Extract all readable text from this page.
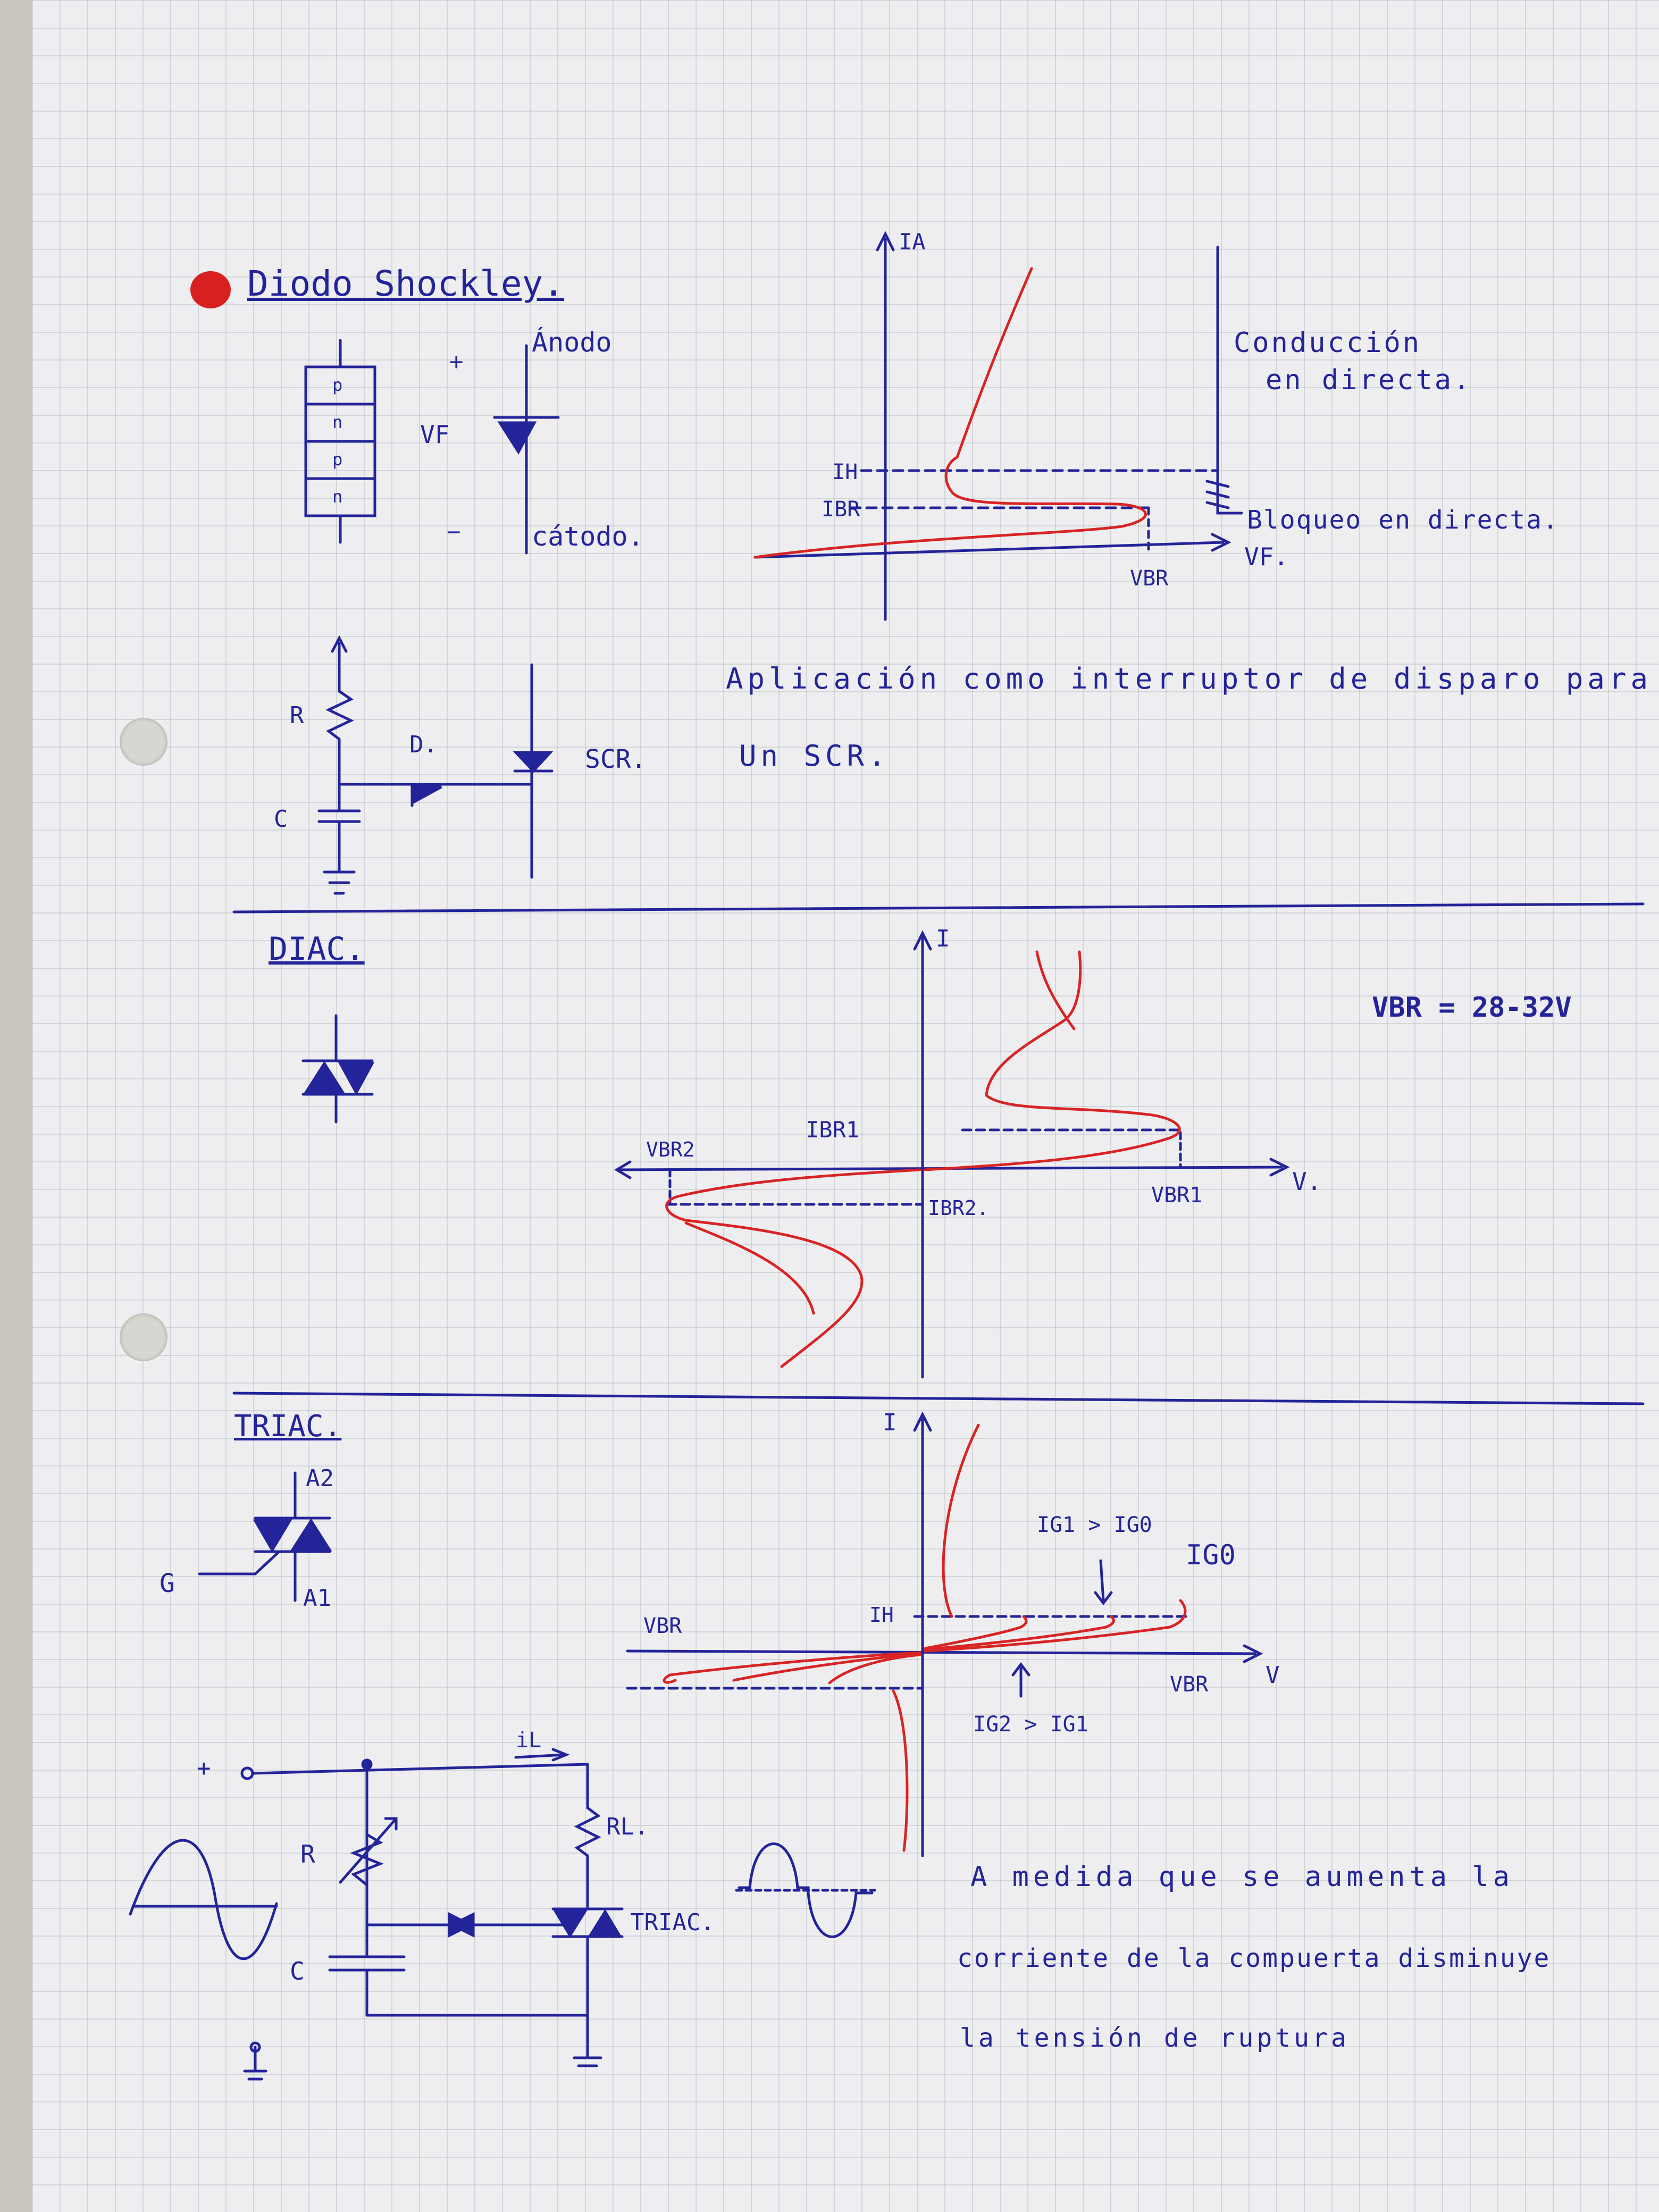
Diodo Shockley.
p
n
p
n
Ánodo
cátodo.
+
−
VF
IA
VF.
IH
IBR
VBR
Conducción
en directa.
Bloqueo en directa.
Aplicación como interruptor de disparo para
Un SCR.
R
D.
C
SCR.
DIAC.
VBR = 28-32V
I
V.
IBR1
IBR2.
VBR1
VBR2
TRIAC.
A2
A1
G
I
V
IH
VBR
VBR
IG1 > IG0
IG0
IG2 > IG1
iL
RL.
R
C
TRIAC.
+
A medida que se aumenta la
corriente de la compuerta disminuye
la tensión de ruptura
